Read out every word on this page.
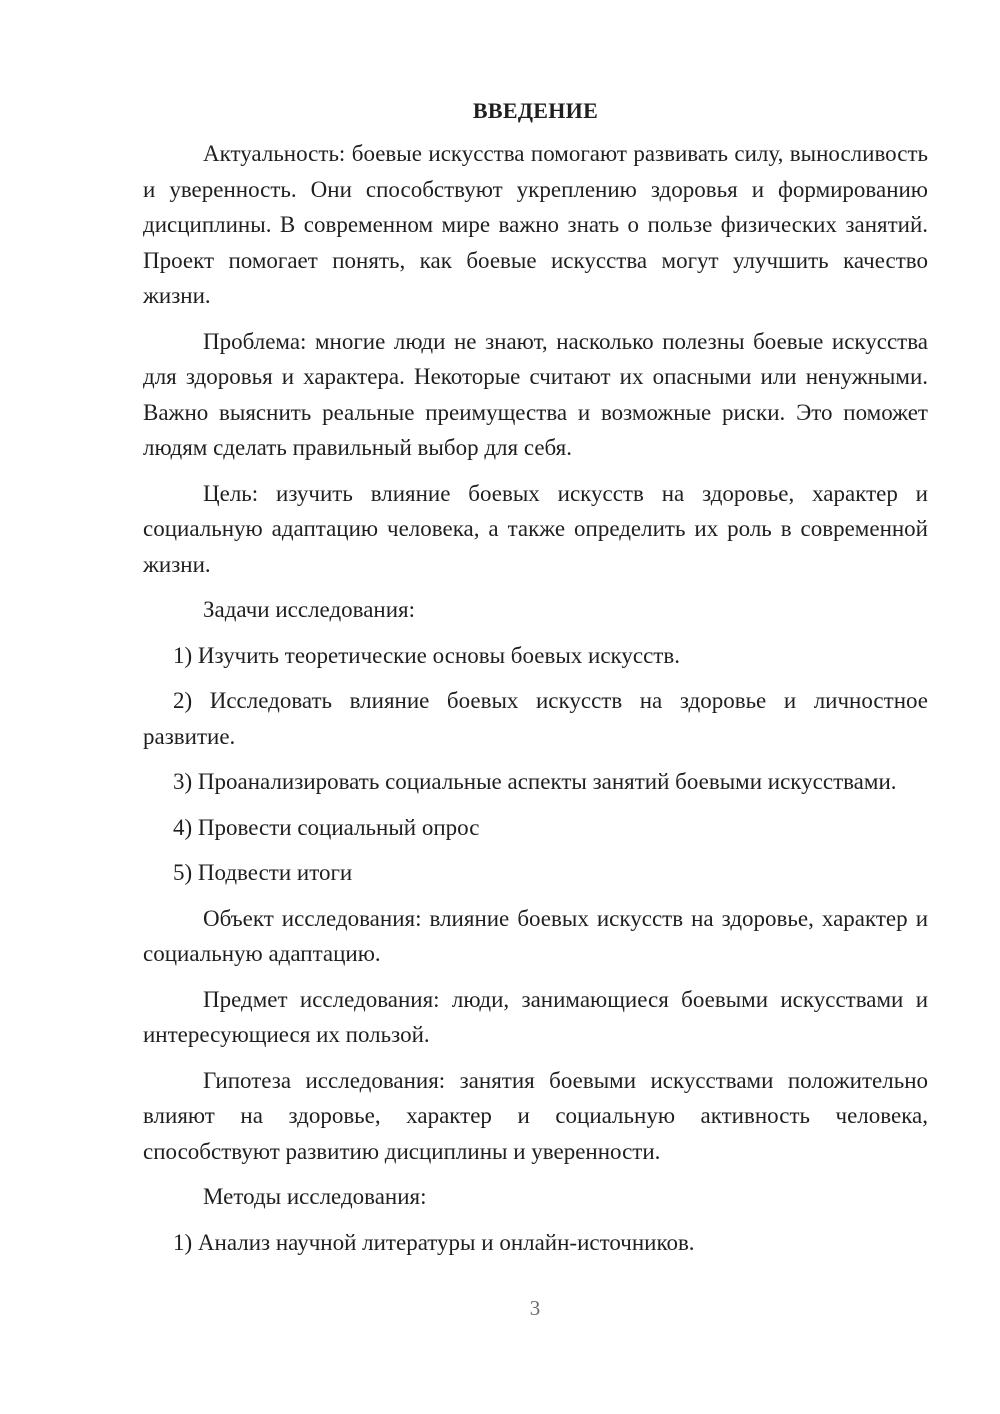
ВВЕДЕНИЕ

Актуальность: боевые искусства помогают развивать силу, выносливость и уверенность. Они способствуют укреплению здоровья и формированию дисциплины. В современном мире важно знать о пользе физических занятий. Проект помогает понять, как боевые искусства могут улучшить качество жизни.

Проблема: многие люди не знают, насколько полезны боевые искусства для здоровья и характера. Некоторые считают их опасными или ненужными. Важно выяснить реальные преимущества и возможные риски. Это поможет людям сделать правильный выбор для себя.

Цель: изучить влияние боевых искусств на здоровье, характер и социальную адаптацию человека, а также определить их роль в современной жизни.

Задачи исследования:

1) Изучить теоретические основы боевых искусств.

2) Исследовать влияние боевых искусств на здоровье и личностное развитие.

3) Проанализировать социальные аспекты занятий боевыми искусствами.

4) Провести социальный опрос

5) Подвести итоги

Объект исследования: влияние боевых искусств на здоровье, характер и социальную адаптацию.

Предмет исследования: люди, занимающиеся боевыми искусствами и интересующиеся их пользой.

Гипотеза исследования: занятия боевыми искусствами положительно влияют на здоровье, характер и социальную активность человека, способствуют развитию дисциплины и уверенности.

Методы исследования:

1) Анализ научной литературы и онлайн-источников.

3
